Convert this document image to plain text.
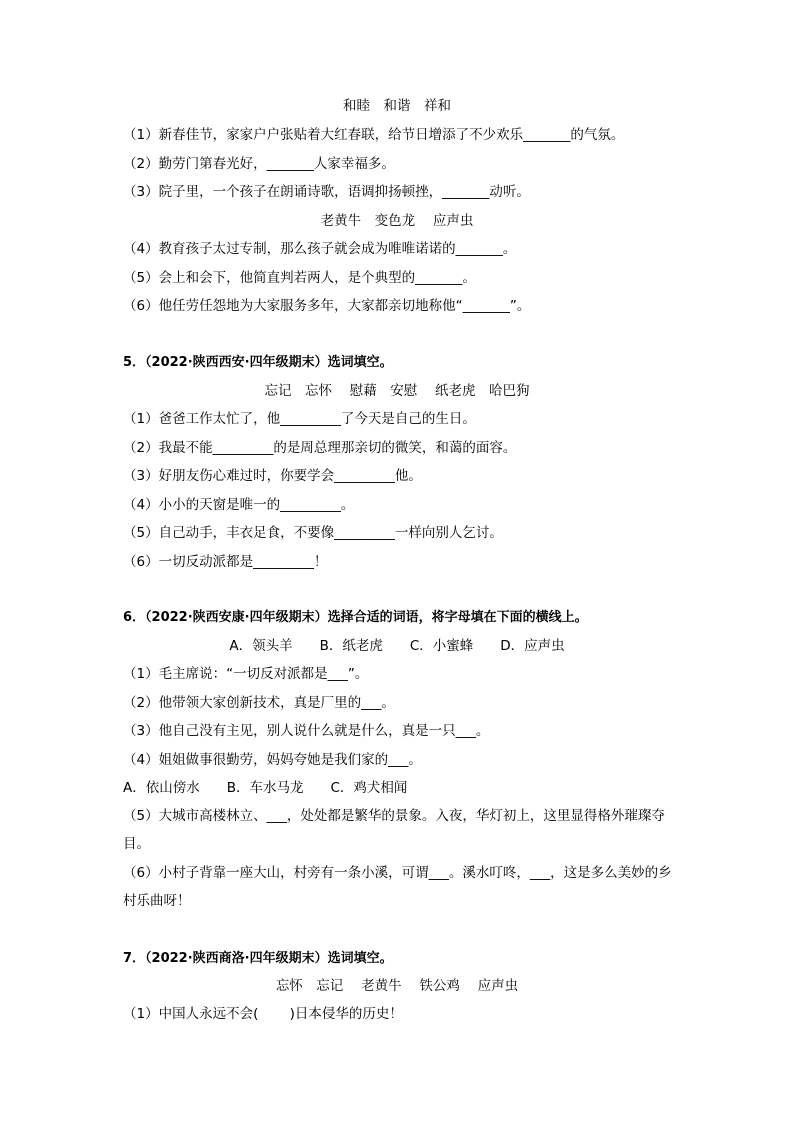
和睦　和谐　祥和
（1）新春佳节，家家户户张贴着大红春联，给节日增添了不少欢乐_______的气氛。
（2）勤劳门第春光好，_______人家幸福多。
（3）院子里，一个孩子在朗诵诗歌，语调抑扬顿挫，_______动听。
老黄牛　变色龙　 应声虫
（4）教育孩子太过专制，那么孩子就会成为唯唯诺诺的_______。
（5）会上和会下，他简直判若两人，是个典型的_______。
（6）他任劳任怨地为大家服务多年，大家都亲切地称他“_______”。
5．（2022·陕西西安·四年级期末）选词填空。
忘记　忘怀　 慰藉　安慰　 纸老虎　哈巴狗
（1）爸爸工作太忙了，他_________了今天是自己的生日。
（2）我最不能_________的是周总理那亲切的微笑，和蔼的面容。
（3）好朋友伤心难过时，你要学会_________他。
（4）小小的天窗是唯一的_________。
（5）自己动手，丰衣足食，不要像_________一样向别人乞讨。
（6）一切反动派都是_________！
6．（2022·陕西安康·四年级期末）选择合适的词语，将字母填在下面的横线上。
A．领头羊　　B．纸老虎　　C．小蜜蜂　　D．应声虫
（1）毛主席说：“一切反对派都是___”。
（2）他带领大家创新技术，真是厂里的___。
（3）他自己没有主见，别人说什么就是什么，真是一只___。
（4）姐姐做事很勤劳，妈妈夸她是我们家的___。
A．依山傍水　　B．车水马龙　　C．鸡犬相闻
（5）大城市高楼林立、___，处处都是繁华的景象。入夜，华灯初上，这里显得格外璀璨夺目。
（6）小村子背靠一座大山，村旁有一条小溪，可谓___。溪水叮咚，___，这是多么美妙的乡村乐曲呀！
7．（2022·陕西商洛·四年级期末）选词填空。
忘怀　忘记　 老黄牛　 铁公鸡　 应声虫
（1）中国人永远不会(　　 )日本侵华的历史！
